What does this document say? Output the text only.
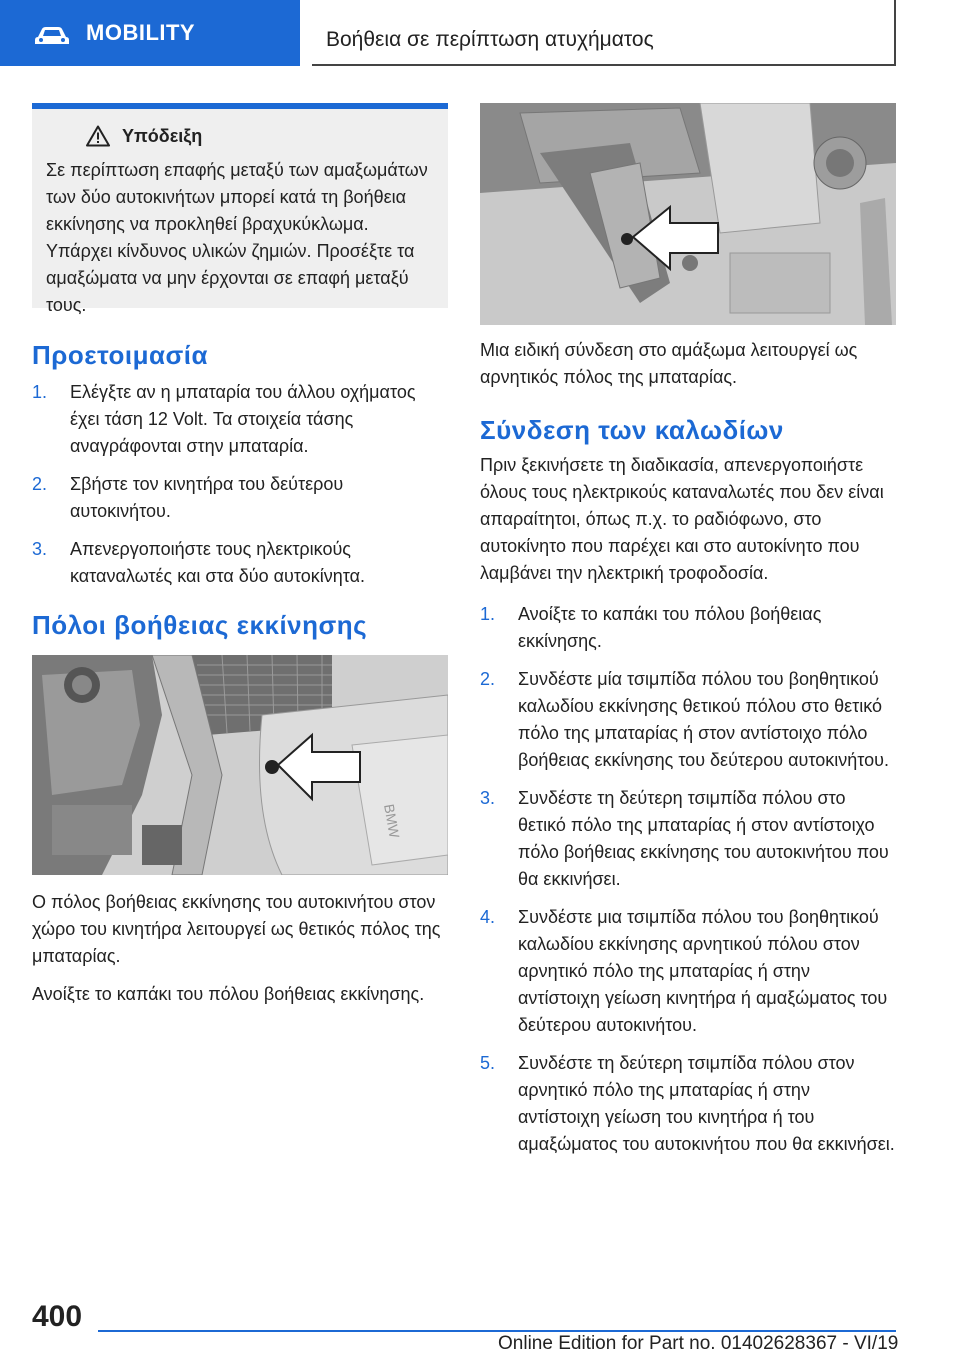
MOBILITY	Βοήθεια σε περίπτωση ατυχήματος
Υπόδειξη

Σε περίπτωση επαφής μεταξύ των αμαξωμάτων των δύο αυτοκινήτων μπορεί κατά τη βοήθεια εκκίνησης να προκληθεί βραχυκύκλωμα. Υπάρχει κίνδυνος υλικών ζημιών. Προσέξτε τα αμαξώματα να μην έρχονται σε επαφή μεταξύ τους.

Προετοιμασία
1. Ελέγξτε αν η μπαταρία του άλλου οχήματος έχει τάση 12 Volt. Τα στοιχεία τάσης αναγράφονται στην μπαταρία.
2. Σβήστε τον κινητήρα του δεύτερου αυτοκινήτου.
3. Απενεργοποιήστε τους ηλεκτρικούς καταναλωτές και στα δύο αυτοκίνητα.
Πόλοι βοήθειας εκκίνησης
BMW

Ο πόλος βοήθειας εκκίνησης του αυτοκινήτου στον χώρο του κινητήρα λειτουργεί ως θετικός πόλος της μπαταρίας.

Ανοίξτε το καπάκι του πόλου βοήθειας εκκίνησης.

Μια ειδική σύνδεση στο αμάξωμα λειτουργεί ως αρνητικός πόλος της μπαταρίας.

Σύνδεση των καλωδίων

Πριν ξεκινήσετε τη διαδικασία, απενεργοποιήστε όλους τους ηλεκτρικούς καταναλωτές που δεν είναι απαραίτητοι, όπως π.χ. το ραδιόφωνο, στο αυτοκίνητο που παρέχει και στο αυτοκίνητο που λαμβάνει την ηλεκτρική τροφοδοσία.

1. Ανοίξτε το καπάκι του πόλου βοήθειας εκκίνησης.
2. Συνδέστε μία τσιμπίδα πόλου του βοηθητικού καλωδίου εκκίνησης θετικού πόλου στο θετικό πόλο της μπαταρίας ή στον αντίστοιχο πόλο βοήθειας εκκίνησης του δεύτερου αυτοκινήτου.
3. Συνδέστε τη δεύτερη τσιμπίδα πόλου στο θετικό πόλο της μπαταρίας ή στον αντίστοιχο πόλο βοήθειας εκκίνησης του αυτοκινήτου που θα εκκινήσει.
4. Συνδέστε μια τσιμπίδα πόλου του βοηθητικού καλωδίου εκκίνησης αρνητικού πόλου στον αρνητικό πόλο της μπαταρίας ή στην αντίστοιχη γείωση κινητήρα ή αμαξώματος του δεύτερου αυτοκινήτου.
5. Συνδέστε τη δεύτερη τσιμπίδα πόλου στον αρνητικό πόλο της μπαταρίας ή στην αντίστοιχη γείωση του κινητήρα ή του αμαξώματος του αυτοκινήτου που θα εκκινήσει.
400
Online Edition for Part no. 01402628367 - VI/19
